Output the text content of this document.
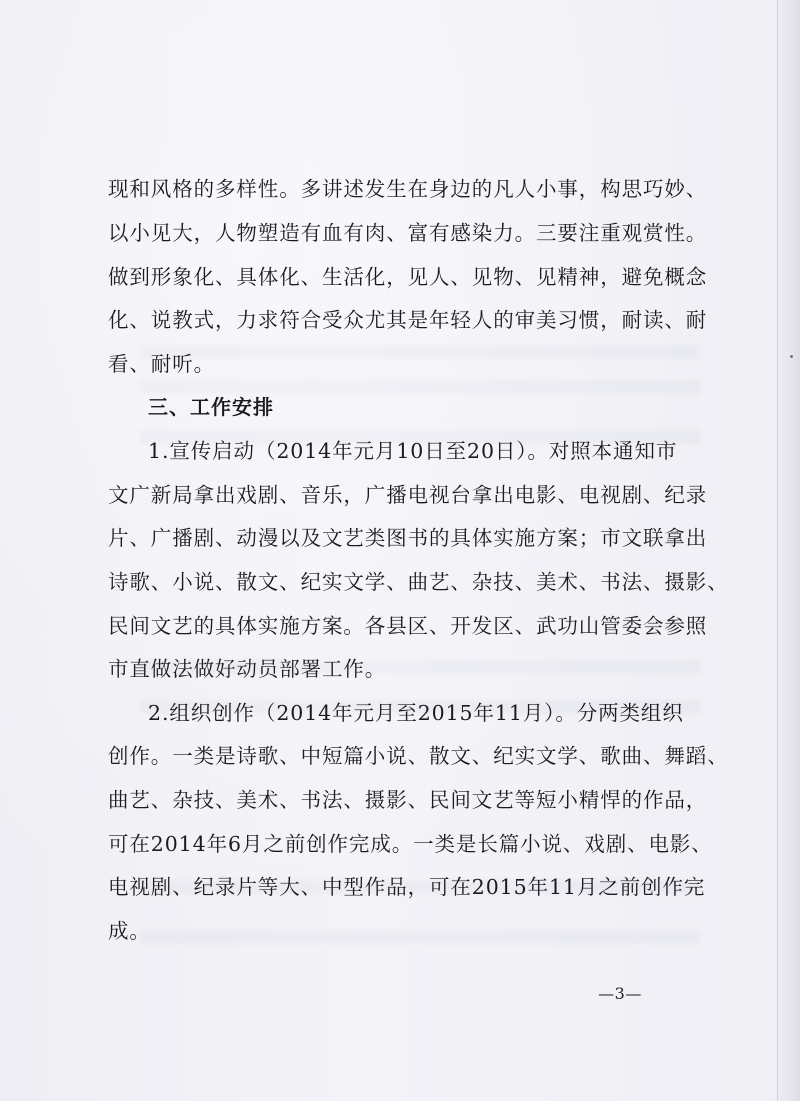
现和风格的多样性。多讲述发生在身边的凡人小事，构思巧妙、
以小见大，人物塑造有血有肉、富有感染力。三要注重观赏性。
做到形象化、具体化、生活化，见人、见物、见精神，避免概念
化、说教式，力求符合受众尤其是年轻人的审美习惯，耐读、耐
看、耐听。
三、工作安排
1.宣传启动（2014年元月10日至20日）。对照本通知市
文广新局拿出戏剧、音乐，广播电视台拿出电影、电视剧、纪录
片、广播剧、动漫以及文艺类图书的具体实施方案；市文联拿出
诗歌、小说、散文、纪实文学、曲艺、杂技、美术、书法、摄影、
民间文艺的具体实施方案。各县区、开发区、武功山管委会参照
市直做法做好动员部署工作。
2.组织创作（2014年元月至2015年11月）。分两类组织
创作。一类是诗歌、中短篇小说、散文、纪实文学、歌曲、舞蹈、
曲艺、杂技、美术、书法、摄影、民间文艺等短小精悍的作品，
可在2014年6月之前创作完成。一类是长篇小说、戏剧、电影、
电视剧、纪录片等大、中型作品，可在2015年11月之前创作完
成。
—3—
